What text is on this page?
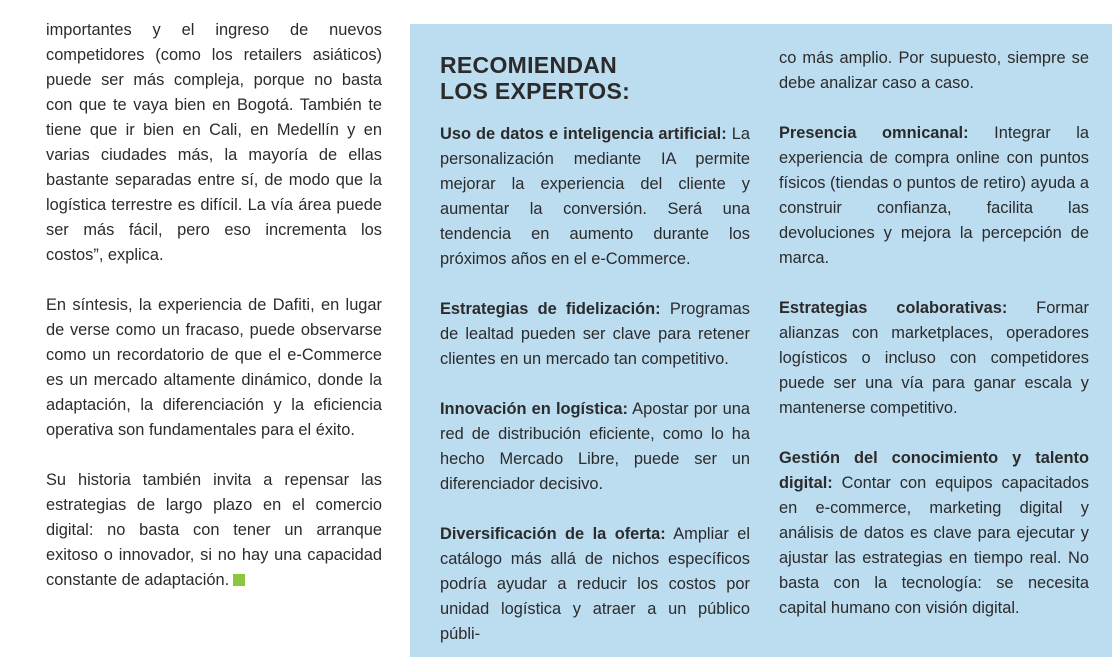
importantes y el ingreso de nuevos competidores (como los retailers asiáticos) puede ser más compleja, porque no basta con que te vaya bien en Bogotá. También te tiene que ir bien en Cali, en Medellín y en varias ciudades más, la mayoría de ellas bastante separadas entre sí, de modo que la logística terrestre es difícil. La vía área puede ser más fácil, pero eso incrementa los costos”, explica.

En síntesis, la experiencia de Dafiti, en lugar de verse como un fracaso, puede observarse como un recordatorio de que el e-Commerce es un mercado altamente dinámico, donde la adaptación, la diferenciación y la eficiencia operativa son fundamentales para el éxito.

Su historia también invita a repensar las estrategias de largo plazo en el comercio digital: no basta con tener un arranque exitoso o innovador, si no hay una capacidad constante de adaptación.

RECOMIENDAN
LOS EXPERTOS:

Uso de datos e inteligencia artificial: La personalización mediante IA permite mejorar la experiencia del cliente y aumentar la conversión. Será una tendencia en aumento durante los próximos años en el e-Commerce.

Estrategias de fidelización: Programas de lealtad pueden ser clave para retener clientes en un mercado tan competitivo.

Innovación en logística: Apostar por una red de distribución eficiente, como lo ha hecho Mercado Libre, puede ser un diferenciador decisivo.

Diversificación de la oferta: Ampliar el catálogo más allá de nichos específicos podría ayudar a reducir los costos por unidad logística y atraer a un público públi-

co más amplio. Por supuesto, siempre se debe analizar caso a caso.

Presencia omnicanal: Integrar la experiencia de compra online con puntos físicos (tiendas o puntos de retiro) ayuda a construir confianza, facilita las devoluciones y mejora la percepción de marca.

Estrategias colaborativas: Formar alianzas con marketplaces, operadores logísticos o incluso con competidores puede ser una vía para ganar escala y mantenerse competitivo.

Gestión del conocimiento y talento digital: Contar con equipos capacitados en e-commerce, marketing digital y análisis de datos es clave para ejecutar y ajustar las estrategias en tiempo real. No basta con la tecnología: se necesita capital humano con visión digital.
